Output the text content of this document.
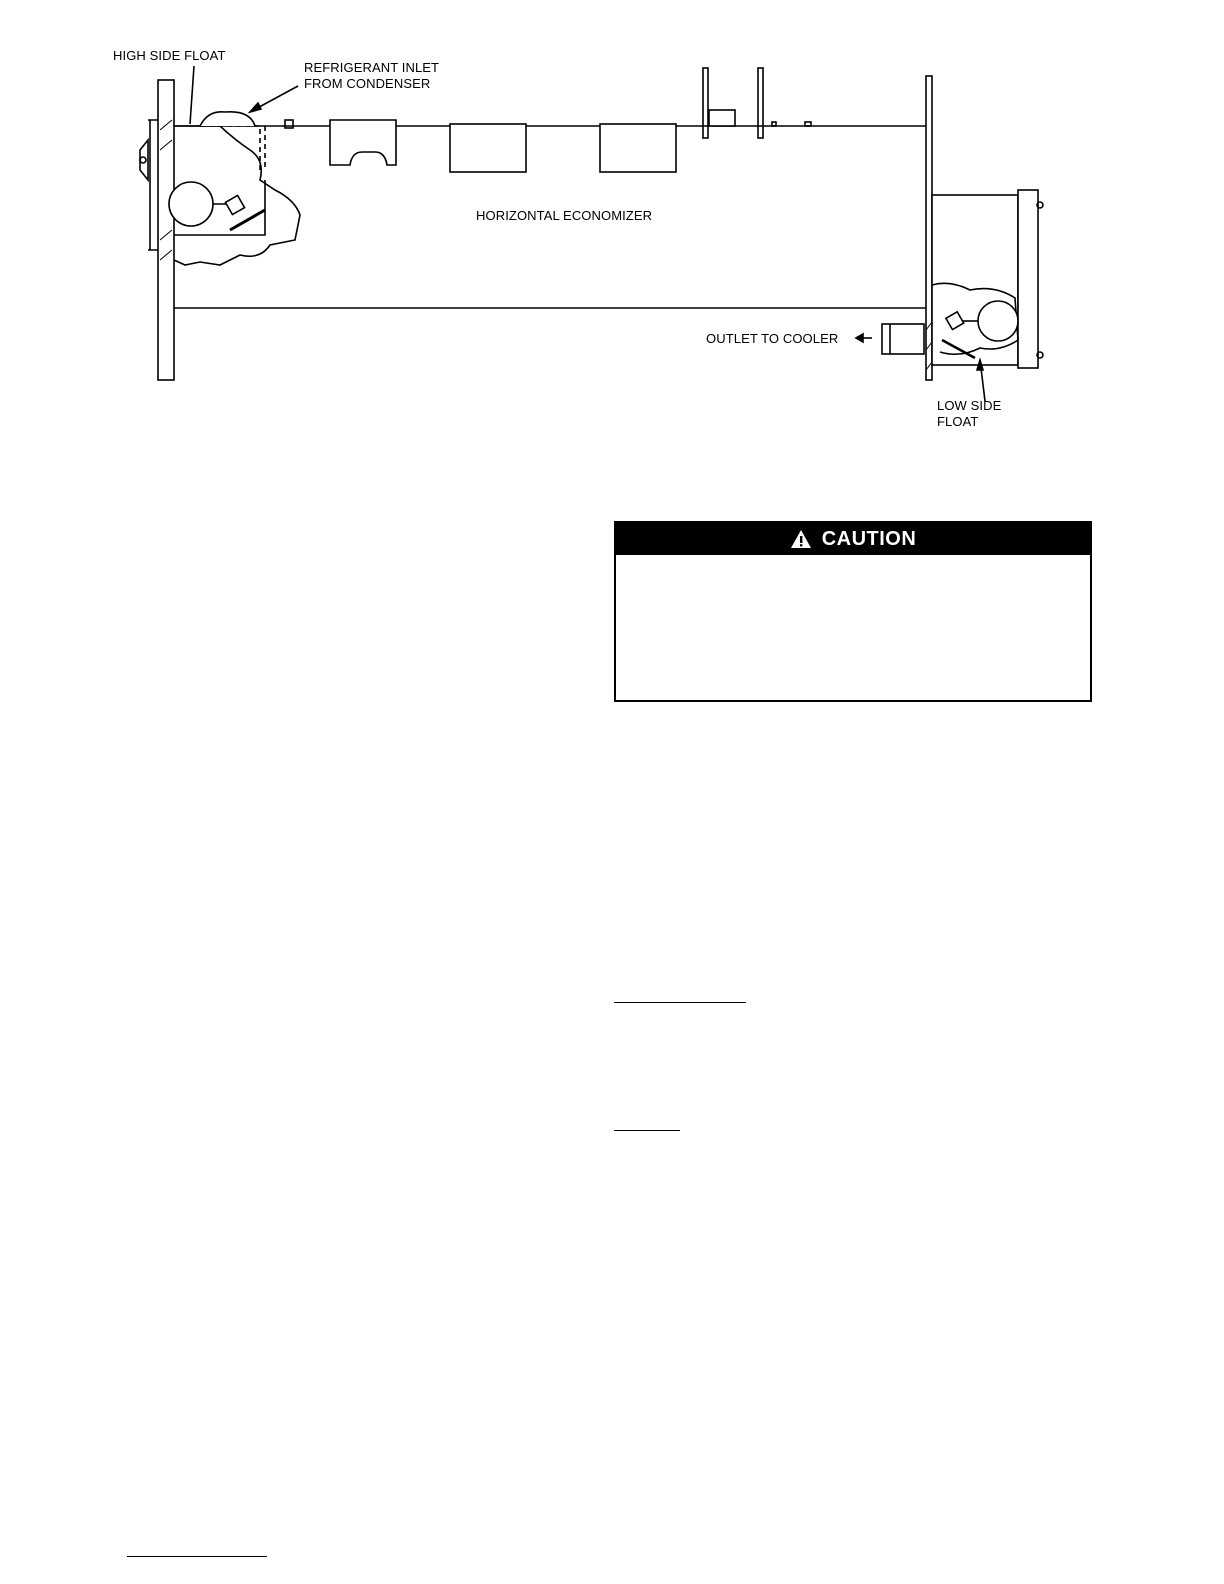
HIGH SIDE FLOAT
REFRIGERANT INLET
FROM CONDENSER
HORIZONTAL ECONOMIZER
OUTLET TO COOLER
LOW SIDE
FLOAT
CAUTION
